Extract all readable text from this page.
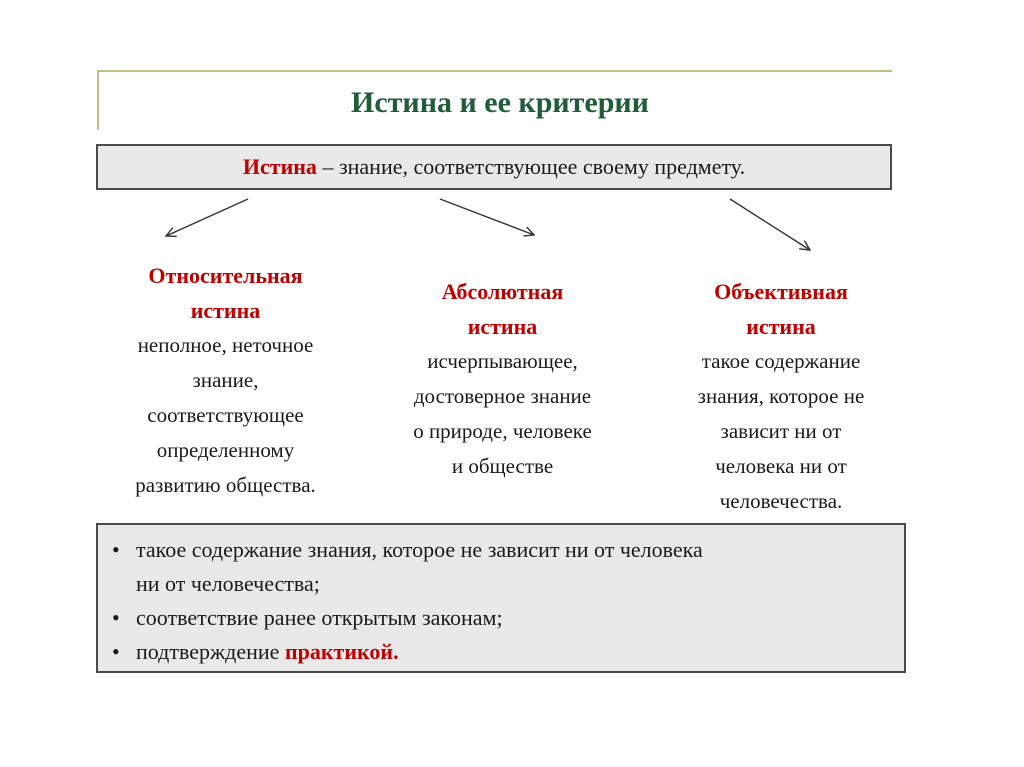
Истина и ее критерии
Истина – знание, соответствующее своему предмету.
Относительная
истина
неполное, неточное
знание,
соответствующее
определенному
развитию общества.
Абсолютная
истина
исчерпывающее,
достоверное знание
о природе, человеке
и обществе
Объективная
истина
такое содержание
знания, которое не
зависит ни от
человека ни от
человечества.
• такое содержание знания, которое не зависит ни от человека
ни от человечества;
• соответствие ранее открытым законам;
• подтверждение практикой.
